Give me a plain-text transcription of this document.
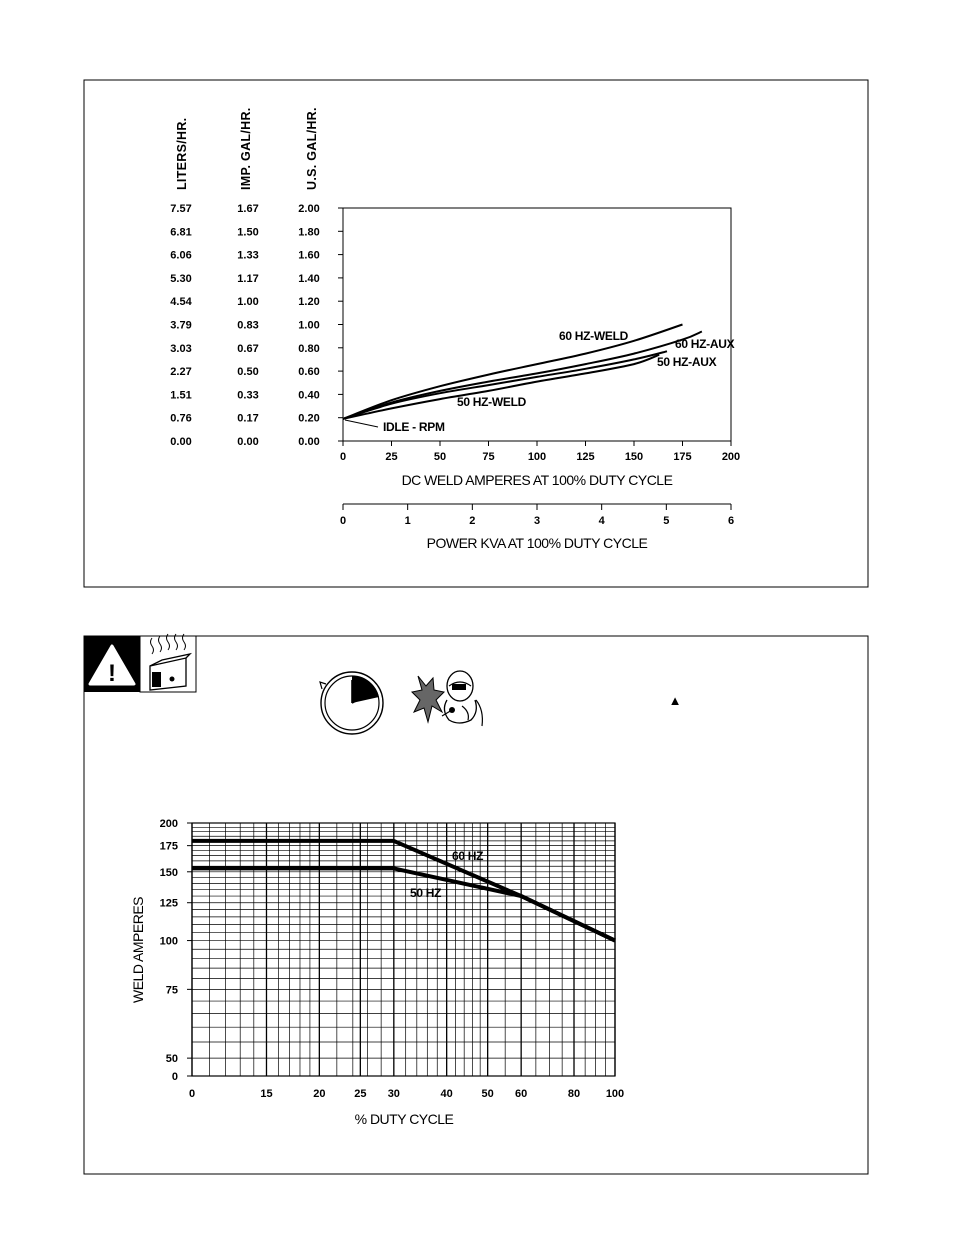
0.00	0.00	0.00
0.76	0.17	0.20
1.51	0.33	0.40
2.27	0.50	0.60
3.03	0.67	0.80
3.79	0.83	1.00
4.54	1.00	1.20
5.30	1.17	1.40
6.06	1.33	1.60
6.81	1.50	1.80
7.57	1.67	2.00
0	25	50	75	100	125	150	175	200
0	1	2	3	4	5	6
LITERS/HR.	IMP. GAL/HR.	U.S. GAL/HR.
60 HZ-WELD
60 HZ-AUX
50 HZ-AUX
50 HZ-WELD
IDLE - RPM
DC WELD AMPERES AT 100% DUTY CYCLE
POWER KVA AT 100% DUTY CYCLE
!
▲
0	15	20	25 30	40	50 60	80 100
0
50
75
100
125
150
175
200
60 HZ
50 HZ
% DUTY CYCLE
WELD AMPERES
